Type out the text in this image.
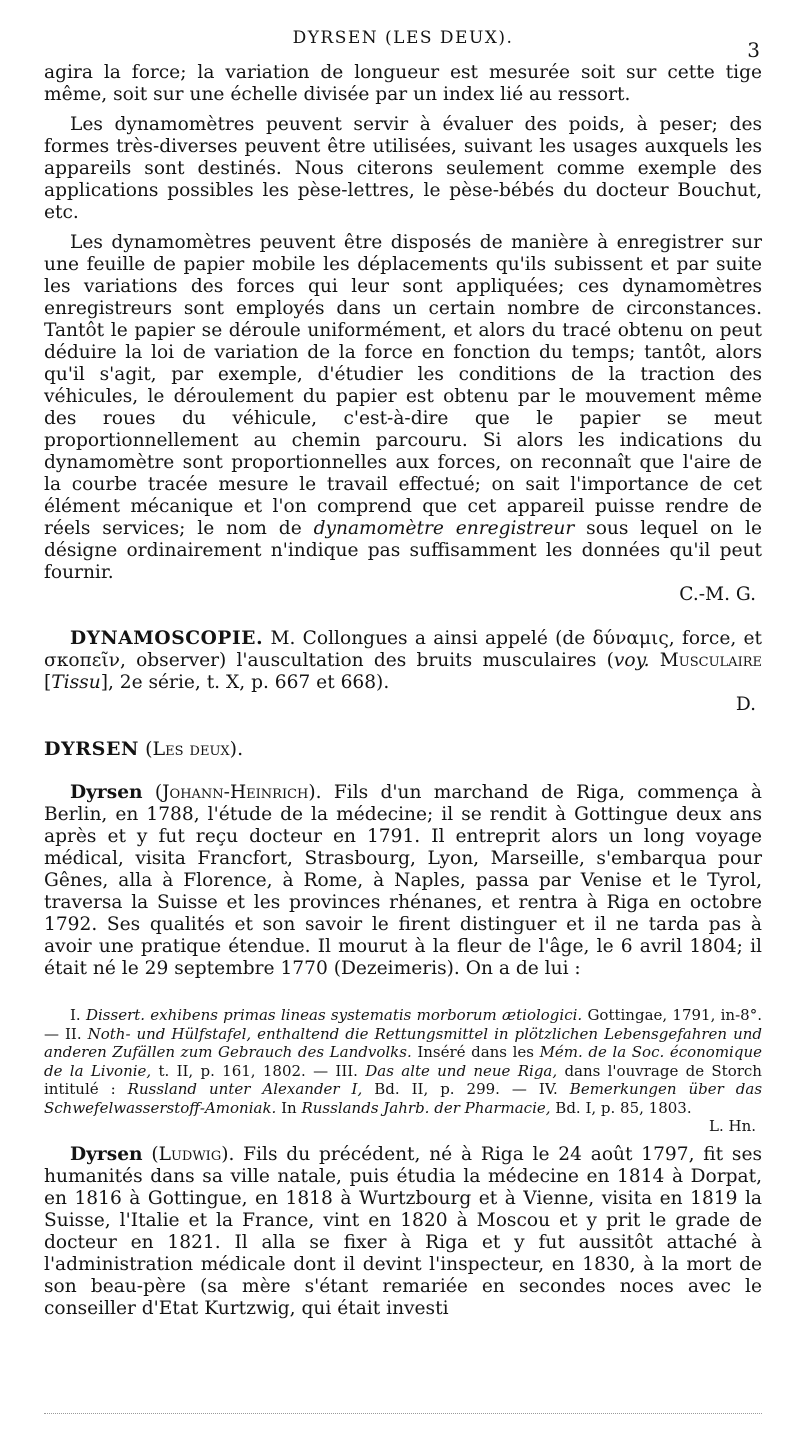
DYRSEN (LES DEUX).	3

agira la force; la variation de longueur est mesurée soit sur cette tige même, soit sur une échelle divisée par un index lié au ressort.

Les dynamomètres peuvent servir à évaluer des poids, à peser; des formes très-diverses peuvent être utilisées, suivant les usages auxquels les appareils sont destinés. Nous citerons seulement comme exemple des applications possibles les pèse-lettres, le pèse-bébés du docteur Bouchut, etc.

Les dynamomètres peuvent être disposés de manière à enregistrer sur une feuille de papier mobile les déplacements qu'ils subissent et par suite les variations des forces qui leur sont appliquées; ces dynamomètres enregistreurs sont employés dans un certain nombre de circonstances. Tantôt le papier se déroule uniformément, et alors du tracé obtenu on peut déduire la loi de variation de la force en fonction du temps; tantôt, alors qu'il s'agit, par exemple, d'étudier les conditions de la traction des véhicules, le déroulement du papier est obtenu par le mouvement même des roues du véhicule, c'est-à-dire que le papier se meut proportionnellement au chemin parcouru. Si alors les indications du dynamomètre sont proportionnelles aux forces, on reconnaît que l'aire de la courbe tracée mesure le travail effectué; on sait l'importance de cet élément mécanique et l'on comprend que cet appareil puisse rendre de réels services; le nom de dynamomètre enregistreur sous lequel on le désigne ordinairement n'indique pas suffisamment les données qu'il peut fournir.

C.-M. G.

DYNAMOSCOPIE. M. Collongues a ainsi appelé (de δύναμις, force, et σκοπεῖν, observer) l'auscultation des bruits musculaires (voy. Musculaire [Tissu], 2e série, t. X, p. 667 et 668).

D.
DYRSEN (Les deux).

Dyrsen (Johann-Heinrich). Fils d'un marchand de Riga, commença à Berlin, en 1788, l'étude de la médecine; il se rendit à Gottingue deux ans après et y fut reçu docteur en 1791. Il entreprit alors un long voyage médical, visita Francfort, Strasbourg, Lyon, Marseille, s'embarqua pour Gênes, alla à Florence, à Rome, à Naples, passa par Venise et le Tyrol, traversa la Suisse et les provinces rhénanes, et rentra à Riga en octobre 1792. Ses qualités et son savoir le firent distinguer et il ne tarda pas à avoir une pratique étendue. Il mourut à la fleur de l'âge, le 6 avril 1804; il était né le 29 septembre 1770 (Dezeimeris). On a de lui :

I. Dissert. exhibens primas lineas systematis morborum ætiologici. Gottingae, 1791, in-8°. — II. Noth- und Hülfstafel, enthaltend die Rettungsmittel in plötzlichen Lebensgefahren und anderen Zufällen zum Gebrauch des Landvolks. Inséré dans les Mém. de la Soc. économique de la Livonie, t. II, p. 161, 1802. — III. Das alte und neue Riga, dans l'ouvrage de Storch intitulé : Russland unter Alexander I, Bd. II, p. 299. — IV. Bemerkungen über das Schwefelwasserstoff-Amoniak. In Russlands Jahrb. der Pharmacie, Bd. I, p. 85, 1803.

L. Hn.

Dyrsen (Ludwig). Fils du précédent, né à Riga le 24 août 1797, fit ses humanités dans sa ville natale, puis étudia la médecine en 1814 à Dorpat, en 1816 à Gottingue, en 1818 à Wurtzbourg et à Vienne, visita en 1819 la Suisse, l'Italie et la France, vint en 1820 à Moscou et y prit le grade de docteur en 1821. Il alla se fixer à Riga et y fut aussitôt attaché à l'administration médicale dont il devint l'inspecteur, en 1830, à la mort de son beau-père (sa mère s'étant remariée en secondes noces avec le conseiller d'Etat Kurtzwig, qui était investi
